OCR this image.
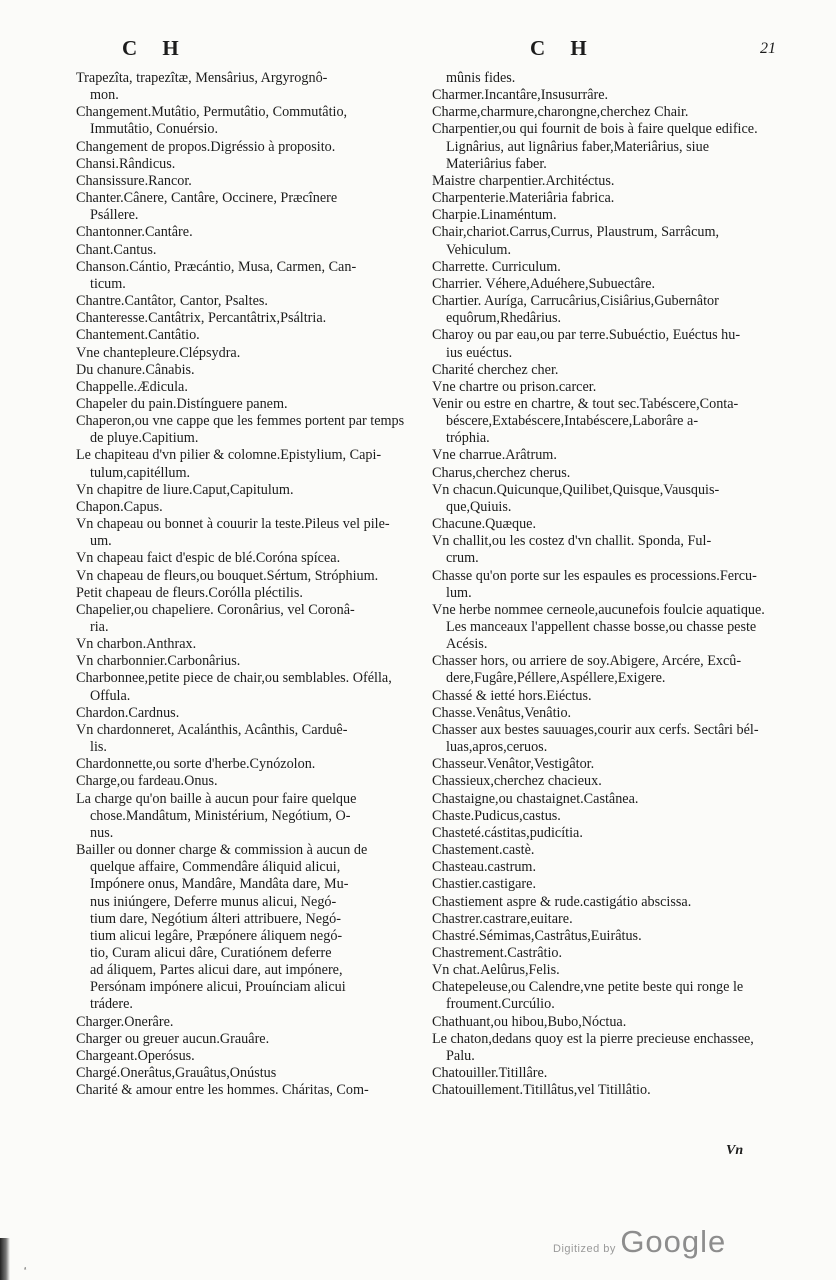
C H	C H	21

Trapezîta, trapezîtæ, Mensârius, Argyrognô-

mon.

Changement.Mutâtio, Permutâtio, Commutâtio,

Immutâtio, Conuérsio.

Changement de propos.Digréssio à proposito.

Chansi.Rândicus.

Chansissure.Rancor.

Chanter.Cânere, Cantâre, Occinere, Præcînere

Psállere.

Chantonner.Cantâre.

Chant.Cantus.

Chanson.Cántio, Præcántio, Musa, Carmen, Can-

ticum.

Chantre.Cantâtor, Cantor, Psaltes.

Chanteresse.Cantâtrix, Percantâtrix,Psáltria.

Chantement.Cantâtio.

Vne chantepleure.Clépsydra.

Du chanure.Cânabis.

Chappelle.Ædicula.

Chapeler du pain.Distínguere panem.

Chaperon,ou vne cappe que les femmes portent par temps

de pluye.Capitium.

Le chapiteau d'vn pilier & colomne.Epistylium, Capi-

tulum,capitéllum.

Vn chapitre de liure.Caput,Capitulum.

Chapon.Capus.

Vn chapeau ou bonnet à couurir la teste.Pileus vel pile-

um.

Vn chapeau faict d'espic de blé.Coróna spícea.

Vn chapeau de fleurs,ou bouquet.Sértum, Stróphium.

Petit chapeau de fleurs.Corólla pléctilis.

Chapelier,ou chapeliere. Coronârius, vel Coronâ-

ria.

Vn charbon.Anthrax.

Vn charbonnier.Carbonârius.

Charbonnee,petite piece de chair,ou semblables. Ofélla,

Offula.

Chardon.Cardnus.

Vn chardonneret, Acalánthis, Acânthis, Carduê-

lis.

Chardonnette,ou sorte d'herbe.Cynózolon.

Charge,ou fardeau.Onus.

La charge qu'on baille à aucun pour faire quelque

chose.Mandâtum, Ministérium, Negótium, O-

nus.

Bailler ou donner charge & commission à aucun de

quelque affaire, Commendâre áliquid alicui,

Impónere onus, Mandâre, Mandâta dare, Mu-

nus iniúngere, Deferre munus alicui, Negó-

tium dare, Negótium álteri attribuere, Negó-

tium alicui legâre, Præpónere áliquem negó-

tio, Curam alicui dâre, Curatiónem deferre

ad áliquem, Partes alicui dare, aut impónere,

Persónam impónere alicui, Prouínciam alicui

trádere.

Charger.Onerâre.

Charger ou greuer aucun.Grauâre.

Chargeant.Operósus.

Chargé.Onerâtus,Grauâtus,Onústus

Charité & amour entre les hommes. Cháritas, Com-

mûnis fides.

Charmer.Incantâre,Insusurrâre.

Charme,charmure,charongne,cherchez Chair.

Charpentier,ou qui fournit de bois à faire quelque edifice.

Lignârius, aut lignârius faber,Materiârius, siue

Materiârius faber.

Maistre charpentier.Architéctus.

Charpenterie.Materiâria fabrica.

Charpie.Linaméntum.

Chair,chariot.Carrus,Currus, Plaustrum, Sarrâcum,

Vehiculum.

Charrette. Curriculum.

Charrier. Véhere,Aduéhere,Subuectâre.

Chartier. Auríga, Carrucârius,Cisiârius,Gubernâtor

equôrum,Rhedârius.

Charoy ou par eau,ou par terre.Subuéctio, Euéctus hu-

ius euéctus.

Charité cherchez cher.

Vne chartre ou prison.carcer.

Venir ou estre en chartre, & tout sec.Tabéscere,Conta-

béscere,Extabéscere,Intabéscere,Laborâre a-

tróphia.

Vne charrue.Arâtrum.

Charus,cherchez cherus.

Vn chacun.Quicunque,Quilibet,Quisque,Vausquis-

que,Quiuis.

Chacune.Quæque.

Vn challit,ou les costez d'vn challit. Sponda, Ful-

crum.

Chasse qu'on porte sur les espaules es processions.Fercu-

lum.

Vne herbe nommee cerneole,aucunefois foulcie aquatique.

Les manceaux l'appellent chasse bosse,ou chasse peste

Acésis.

Chasser hors, ou arriere de soy.Abigere, Arcére, Excû-

dere,Fugâre,Péllere,Aspéllere,Exigere.

Chassé & ietté hors.Eiéctus.

Chasse.Venâtus,Venâtio.

Chasser aux bestes sauuages,courir aux cerfs. Sectâri bél-

luas,apros,ceruos.

Chasseur.Venâtor,Vestigâtor.

Chassieux,cherchez chacieux.

Chastaigne,ou chastaignet.Castânea.

Chaste.Pudicus,castus.

Chasteté.cástitas,pudicítia.

Chastement.castè.

Chasteau.castrum.

Chastier.castigare.

Chastiement aspre & rude.castigátio abscissa.

Chastrer.castrare,euitare.

Chastré.Sémimas,Castrâtus,Euirâtus.

Chastrement.Castrâtio.

Vn chat.Aelûrus,Felis.

Chatepeleuse,ou Calendre,vne petite beste qui ronge le

froument.Curcúlio.

Chathuant,ou hibou,Bubo,Nóctua.

Le chaton,dedans quoy est la pierre precieuse enchassee,

Palu.

Chatouiller.Titillâre.

Chatouillement.Titillâtus,vel Titillâtio.

Vn
Digitized by Google
ᵃ
